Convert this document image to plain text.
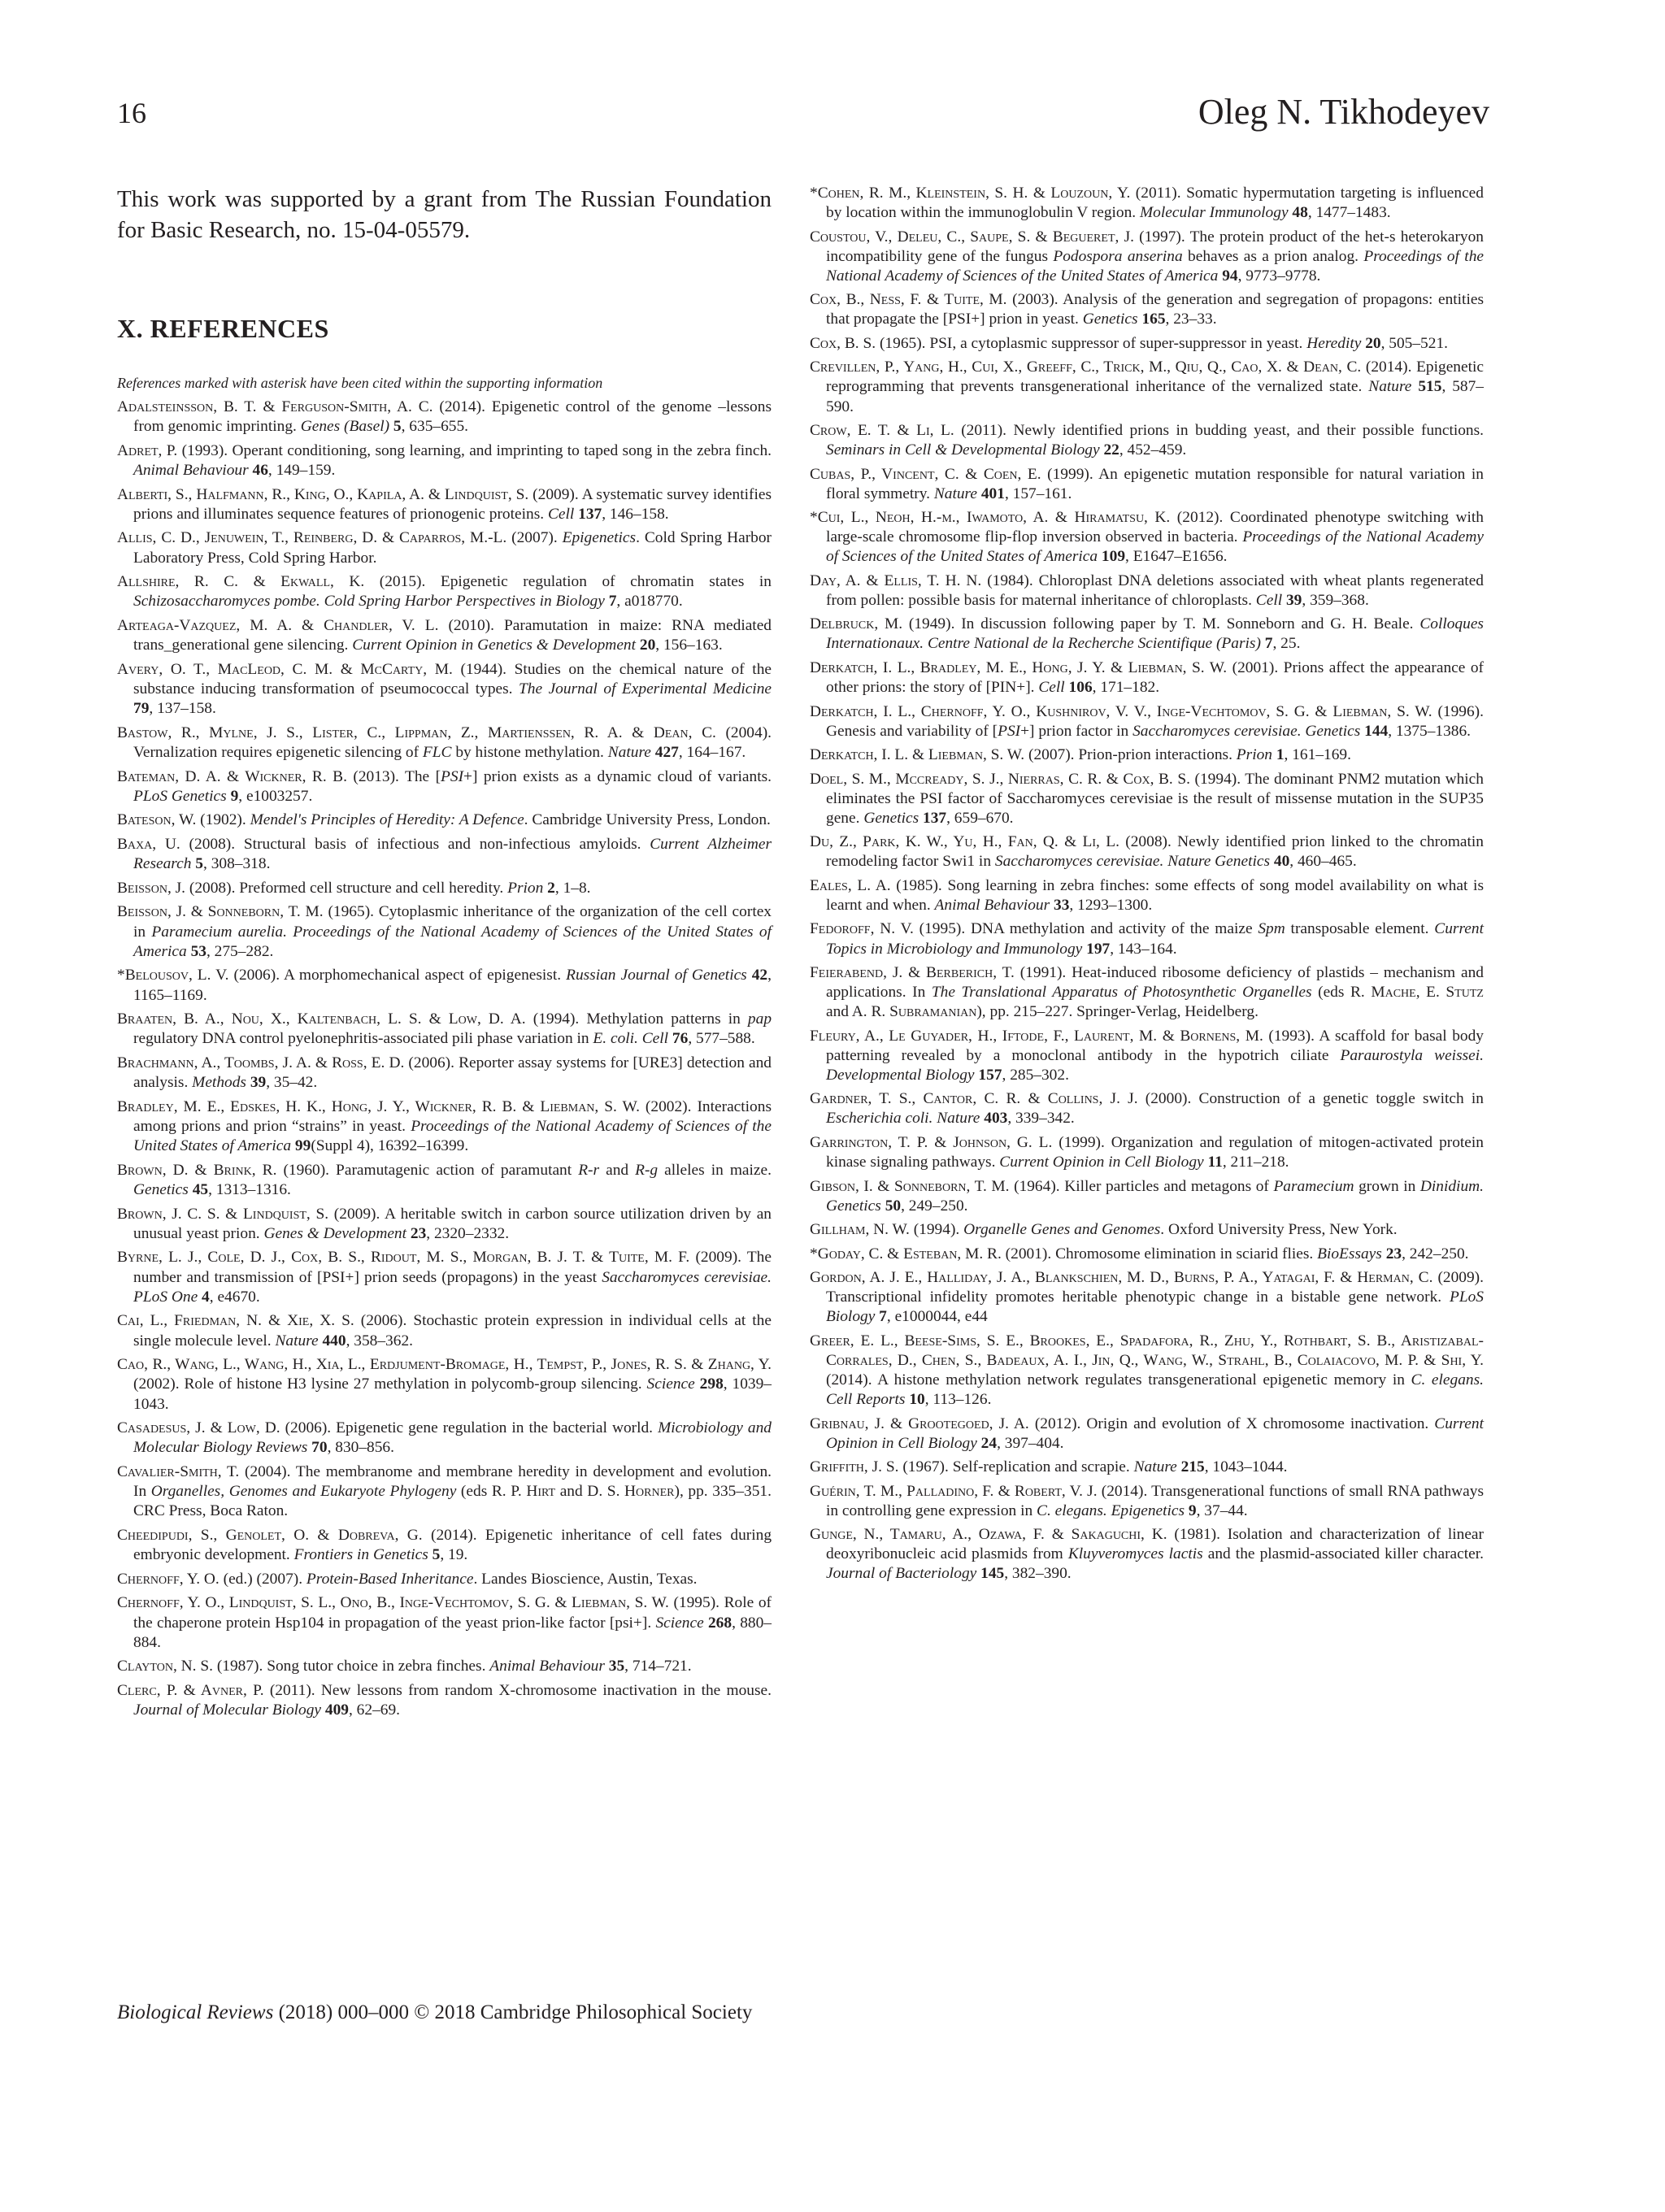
16	Oleg N. Tikhodeyev

This work was supported by a grant from The Russian Foundation for Basic Research, no. 15-04-05579.

X. REFERENCES

References marked with asterisk have been cited within the supporting information

Adalsteinsson, B. T. & Ferguson-Smith, A. C. (2014). Epigenetic control of the genome –lessons from genomic imprinting. Genes (Basel) 5, 635–655.

Adret, P. (1993). Operant conditioning, song learning, and imprinting to taped song in the zebra finch. Animal Behaviour 46, 149–159.

Alberti, S., Halfmann, R., King, O., Kapila, A. & Lindquist, S. (2009). A systematic survey identifies prions and illuminates sequence features of prionogenic proteins. Cell 137, 146–158.

Allis, C. D., Jenuwein, T., Reinberg, D. & Caparros, M.-L. (2007). Epigenetics. Cold Spring Harbor Laboratory Press, Cold Spring Harbor.

Allshire, R. C. & Ekwall, K. (2015). Epigenetic regulation of chromatin states in Schizosaccharomyces pombe. Cold Spring Harbor Perspectives in Biology 7, a018770.

Arteaga-Vazquez, M. A. & Chandler, V. L. (2010). Paramutation in maize: RNA mediated trans_generational gene silencing. Current Opinion in Genetics & Development 20, 156–163.

Avery, O. T., MacLeod, C. M. & McCarty, M. (1944). Studies on the chemical nature of the substance inducing transformation of pseumococcal types. The Journal of Experimental Medicine 79, 137–158.

Bastow, R., Mylne, J. S., Lister, C., Lippman, Z., Martienssen, R. A. & Dean, C. (2004). Vernalization requires epigenetic silencing of FLC by histone methylation. Nature 427, 164–167.

Bateman, D. A. & Wickner, R. B. (2013). The [PSI+] prion exists as a dynamic cloud of variants. PLoS Genetics 9, e1003257.

Bateson, W. (1902). Mendel's Principles of Heredity: A Defence. Cambridge University Press, London.

Baxa, U. (2008). Structural basis of infectious and non-infectious amyloids. Current Alzheimer Research 5, 308–318.

Beisson, J. (2008). Preformed cell structure and cell heredity. Prion 2, 1–8.

Beisson, J. & Sonneborn, T. M. (1965). Cytoplasmic inheritance of the organization of the cell cortex in Paramecium aurelia. Proceedings of the National Academy of Sciences of the United States of America 53, 275–282.

*Belousov, L. V. (2006). A morphomechanical aspect of epigenesist. Russian Journal of Genetics 42, 1165–1169.

Braaten, B. A., Nou, X., Kaltenbach, L. S. & Low, D. A. (1994). Methylation patterns in pap regulatory DNA control pyelonephritis-associated pili phase variation in E. coli. Cell 76, 577–588.

Brachmann, A., Toombs, J. A. & Ross, E. D. (2006). Reporter assay systems for [URE3] detection and analysis. Methods 39, 35–42.

Bradley, M. E., Edskes, H. K., Hong, J. Y., Wickner, R. B. & Liebman, S. W. (2002). Interactions among prions and prion “strains” in yeast. Proceedings of the National Academy of Sciences of the United States of America 99(Suppl 4), 16392–16399.

Brown, D. & Brink, R. (1960). Paramutagenic action of paramutant R-r and R-g alleles in maize. Genetics 45, 1313–1316.

Brown, J. C. S. & Lindquist, S. (2009). A heritable switch in carbon source utilization driven by an unusual yeast prion. Genes & Development 23, 2320–2332.

Byrne, L. J., Cole, D. J., Cox, B. S., Ridout, M. S., Morgan, B. J. T. & Tuite, M. F. (2009). The number and transmission of [PSI+] prion seeds (propagons) in the yeast Saccharomyces cerevisiae. PLoS One 4, e4670.

Cai, L., Friedman, N. & Xie, X. S. (2006). Stochastic protein expression in individual cells at the single molecule level. Nature 440, 358–362.

Cao, R., Wang, L., Wang, H., Xia, L., Erdjument-Bromage, H., Tempst, P., Jones, R. S. & Zhang, Y. (2002). Role of histone H3 lysine 27 methylation in polycomb-group silencing. Science 298, 1039–1043.

Casadesus, J. & Low, D. (2006). Epigenetic gene regulation in the bacterial world. Microbiology and Molecular Biology Reviews 70, 830–856.

Cavalier-Smith, T. (2004). The membranome and membrane heredity in development and evolution. In Organelles, Genomes and Eukaryote Phylogeny (eds R. P. Hirt and D. S. Horner), pp. 335–351. CRC Press, Boca Raton.

Cheedipudi, S., Genolet, O. & Dobreva, G. (2014). Epigenetic inheritance of cell fates during embryonic development. Frontiers in Genetics 5, 19.

Chernoff, Y. O. (ed.) (2007). Protein-Based Inheritance. Landes Bioscience, Austin, Texas.

Chernoff, Y. O., Lindquist, S. L., Ono, B., Inge-Vechtomov, S. G. & Liebman, S. W. (1995). Role of the chaperone protein Hsp104 in propagation of the yeast prion-like factor [psi+]. Science 268, 880–884.

Clayton, N. S. (1987). Song tutor choice in zebra finches. Animal Behaviour 35, 714–721.

Clerc, P. & Avner, P. (2011). New lessons from random X-chromosome inactivation in the mouse. Journal of Molecular Biology 409, 62–69.

*Cohen, R. M., Kleinstein, S. H. & Louzoun, Y. (2011). Somatic hypermutation targeting is influenced by location within the immunoglobulin V region. Molecular Immunology 48, 1477–1483.

Coustou, V., Deleu, C., Saupe, S. & Begueret, J. (1997). The protein product of the het-s heterokaryon incompatibility gene of the fungus Podospora anserina behaves as a prion analog. Proceedings of the National Academy of Sciences of the United States of America 94, 9773–9778.

Cox, B., Ness, F. & Tuite, M. (2003). Analysis of the generation and segregation of propagons: entities that propagate the [PSI+] prion in yeast. Genetics 165, 23–33.

Cox, B. S. (1965). PSI, a cytoplasmic suppressor of super-suppressor in yeast. Heredity 20, 505–521.

Crevillen, P., Yang, H., Cui, X., Greeff, C., Trick, M., Qiu, Q., Cao, X. & Dean, C. (2014). Epigenetic reprogramming that prevents transgenerational inheritance of the vernalized state. Nature 515, 587–590.

Crow, E. T. & Li, L. (2011). Newly identified prions in budding yeast, and their possible functions. Seminars in Cell & Developmental Biology 22, 452–459.

Cubas, P., Vincent, C. & Coen, E. (1999). An epigenetic mutation responsible for natural variation in floral symmetry. Nature 401, 157–161.

*Cui, L., Neoh, H.-m., Iwamoto, A. & Hiramatsu, K. (2012). Coordinated phenotype switching with large-scale chromosome flip-flop inversion observed in bacteria. Proceedings of the National Academy of Sciences of the United States of America 109, E1647–E1656.

Day, A. & Ellis, T. H. N. (1984). Chloroplast DNA deletions associated with wheat plants regenerated from pollen: possible basis for maternal inheritance of chloroplasts. Cell 39, 359–368.

Delbruck, M. (1949). In discussion following paper by T. M. Sonneborn and G. H. Beale. Colloques Internationaux. Centre National de la Recherche Scientifique (Paris) 7, 25.

Derkatch, I. L., Bradley, M. E., Hong, J. Y. & Liebman, S. W. (2001). Prions affect the appearance of other prions: the story of [PIN+]. Cell 106, 171–182.

Derkatch, I. L., Chernoff, Y. O., Kushnirov, V. V., Inge-Vechtomov, S. G. & Liebman, S. W. (1996). Genesis and variability of [PSI+] prion factor in Saccharomyces cerevisiae. Genetics 144, 1375–1386.

Derkatch, I. L. & Liebman, S. W. (2007). Prion-prion interactions. Prion 1, 161–169.

Doel, S. M., Mccready, S. J., Nierras, C. R. & Cox, B. S. (1994). The dominant PNM2 mutation which eliminates the PSI factor of Saccharomyces cerevisiae is the result of missense mutation in the SUP35 gene. Genetics 137, 659–670.

Du, Z., Park, K. W., Yu, H., Fan, Q. & Li, L. (2008). Newly identified prion linked to the chromatin remodeling factor Swi1 in Saccharomyces cerevisiae. Nature Genetics 40, 460–465.

Eales, L. A. (1985). Song learning in zebra finches: some effects of song model availability on what is learnt and when. Animal Behaviour 33, 1293–1300.

Fedoroff, N. V. (1995). DNA methylation and activity of the maize Spm transposable element. Current Topics in Microbiology and Immunology 197, 143–164.

Feierabend, J. & Berberich, T. (1991). Heat-induced ribosome deficiency of plastids – mechanism and applications. In The Translational Apparatus of Photosynthetic Organelles (eds R. Mache, E. Stutz and A. R. Subramanian), pp. 215–227. Springer-Verlag, Heidelberg.

Fleury, A., Le Guyader, H., Iftode, F., Laurent, M. & Bornens, M. (1993). A scaffold for basal body patterning revealed by a monoclonal antibody in the hypotrich ciliate Paraurostyla weissei. Developmental Biology 157, 285–302.

Gardner, T. S., Cantor, C. R. & Collins, J. J. (2000). Construction of a genetic toggle switch in Escherichia coli. Nature 403, 339–342.

Garrington, T. P. & Johnson, G. L. (1999). Organization and regulation of mitogen-activated protein kinase signaling pathways. Current Opinion in Cell Biology 11, 211–218.

Gibson, I. & Sonneborn, T. M. (1964). Killer particles and metagons of Paramecium grown in Dinidium. Genetics 50, 249–250.

Gillham, N. W. (1994). Organelle Genes and Genomes. Oxford University Press, New York.

*Goday, C. & Esteban, M. R. (2001). Chromosome elimination in sciarid flies. BioEssays 23, 242–250.

Gordon, A. J. E., Halliday, J. A., Blankschien, M. D., Burns, P. A., Yatagai, F. & Herman, C. (2009). Transcriptional infidelity promotes heritable phenotypic change in a bistable gene network. PLoS Biology 7, e1000044, e44

Greer, E. L., Beese-Sims, S. E., Brookes, E., Spadafora, R., Zhu, Y., Rothbart, S. B., Aristizabal-Corrales, D., Chen, S., Badeaux, A. I., Jin, Q., Wang, W., Strahl, B., Colaiacovo, M. P. & Shi, Y. (2014). A histone methylation network regulates transgenerational epigenetic memory in C. elegans. Cell Reports 10, 113–126.

Gribnau, J. & Grootegoed, J. A. (2012). Origin and evolution of X chromosome inactivation. Current Opinion in Cell Biology 24, 397–404.

Griffith, J. S. (1967). Self-replication and scrapie. Nature 215, 1043–1044.

Guérin, T. M., Palladino, F. & Robert, V. J. (2014). Transgenerational functions of small RNA pathways in controlling gene expression in C. elegans. Epigenetics 9, 37–44.

Gunge, N., Tamaru, A., Ozawa, F. & Sakaguchi, K. (1981). Isolation and characterization of linear deoxyribonucleic acid plasmids from Kluyveromyces lactis and the plasmid-associated killer character. Journal of Bacteriology 145, 382–390.

Biological Reviews (2018) 000–000 © 2018 Cambridge Philosophical Society
